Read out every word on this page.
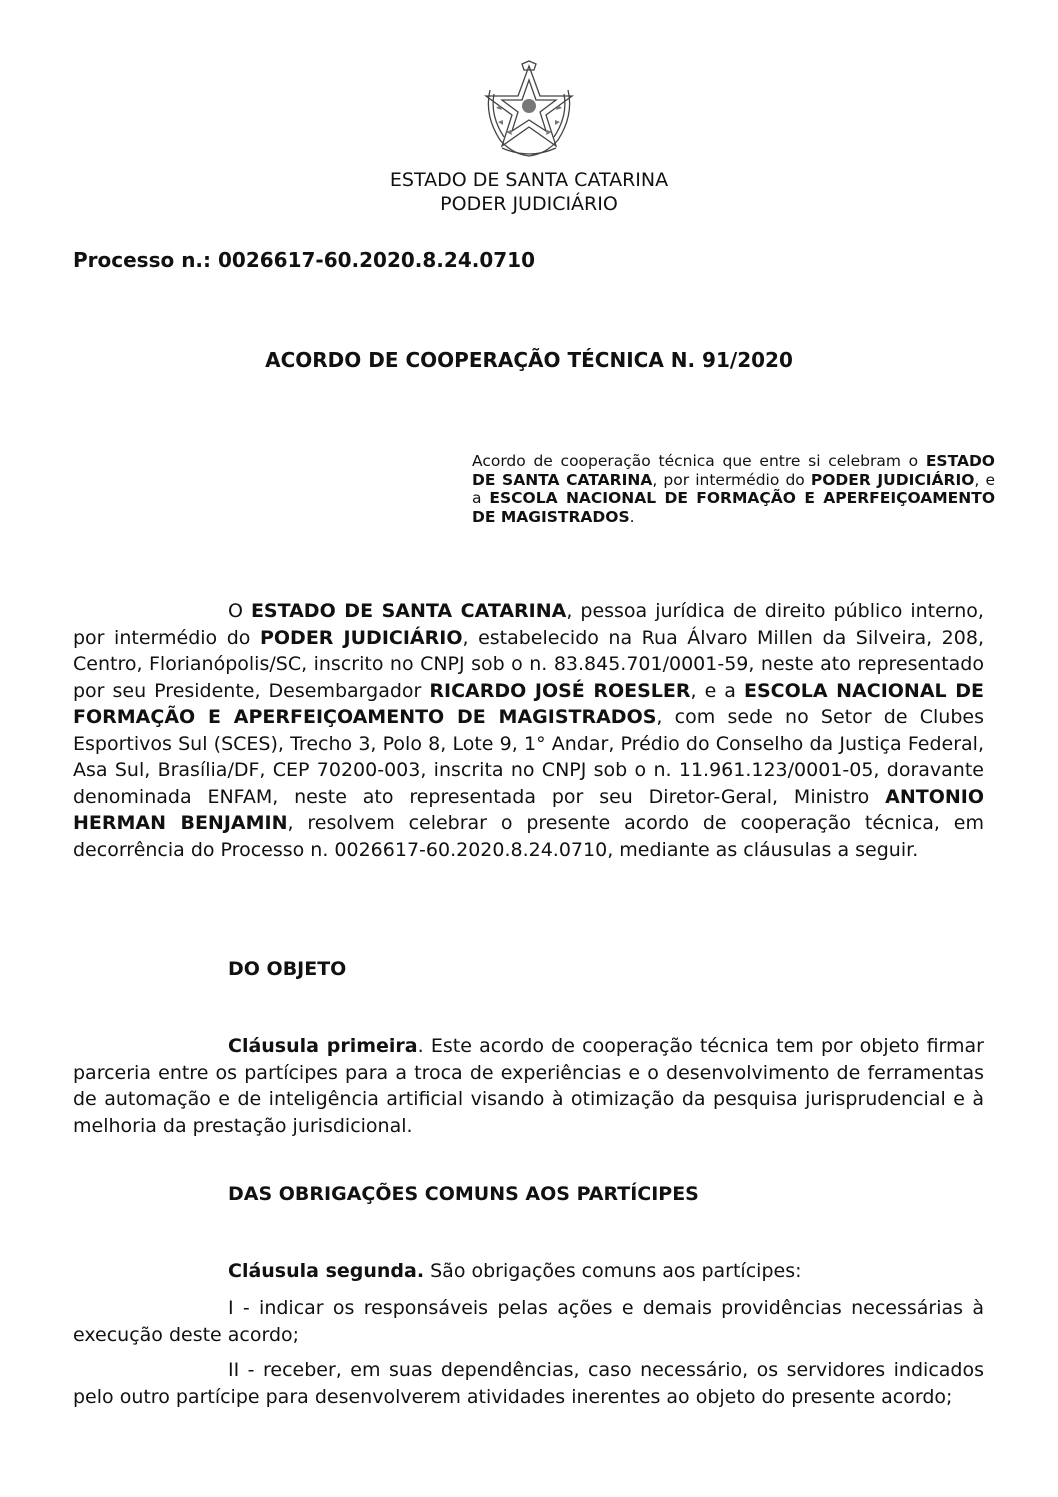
ESTADO DE SANTA CATARINA
PODER JUDICIÁRIO
Processo n.: 0026617-60.2020.8.24.0710
ACORDO DE COOPERAÇÃO TÉCNICA N. 91/2020

Acordo de cooperação técnica que entre si celebram o ESTADO DE SANTA CATARINA, por intermédio do PODER JUDICIÁRIO, e a ESCOLA NACIONAL DE FORMAÇÃO E APERFEIÇOAMENTO DE MAGISTRADOS.

O ESTADO DE SANTA CATARINA, pessoa jurídica de direito público interno, por intermédio do PODER JUDICIÁRIO, estabelecido na Rua Álvaro Millen da Silveira, 208, Centro, Florianópolis/SC, inscrito no CNPJ sob o n. 83.845.701/0001-59, neste ato representado por seu Presidente, Desembargador RICARDO JOSÉ ROESLER, e a ESCOLA NACIONAL DE FORMAÇÃO E APERFEIÇOAMENTO DE MAGISTRADOS, com sede no Setor de Clubes Esportivos Sul (SCES), Trecho 3, Polo 8, Lote 9, 1° Andar, Prédio do Conselho da Justiça Federal, Asa Sul, Brasília/DF, CEP 70200-003, inscrita no CNPJ sob o n. 11.961.123/0001-05, doravante denominada ENFAM, neste ato representada por seu Diretor-Geral, Ministro ANTONIO HERMAN BENJAMIN, resolvem celebrar o presente acordo de cooperação técnica, em decorrência do Processo n. 0026617-60.2020.8.24.0710, mediante as cláusulas a seguir.

DO OBJETO

Cláusula primeira. Este acordo de cooperação técnica tem por objeto firmar parceria entre os partícipes para a troca de experiências e o desenvolvimento de ferramentas de automação e de inteligência artificial visando à otimização da pesquisa jurisprudencial e à melhoria da prestação jurisdicional.

DAS OBRIGAÇÕES COMUNS AOS PARTÍCIPES

Cláusula segunda. São obrigações comuns aos partícipes:

I - indicar os responsáveis pelas ações e demais providências necessárias à execução deste acordo;

II - receber, em suas dependências, caso necessário, os servidores indicados pelo outro partícipe para desenvolverem atividades inerentes ao objeto do presente acordo;
